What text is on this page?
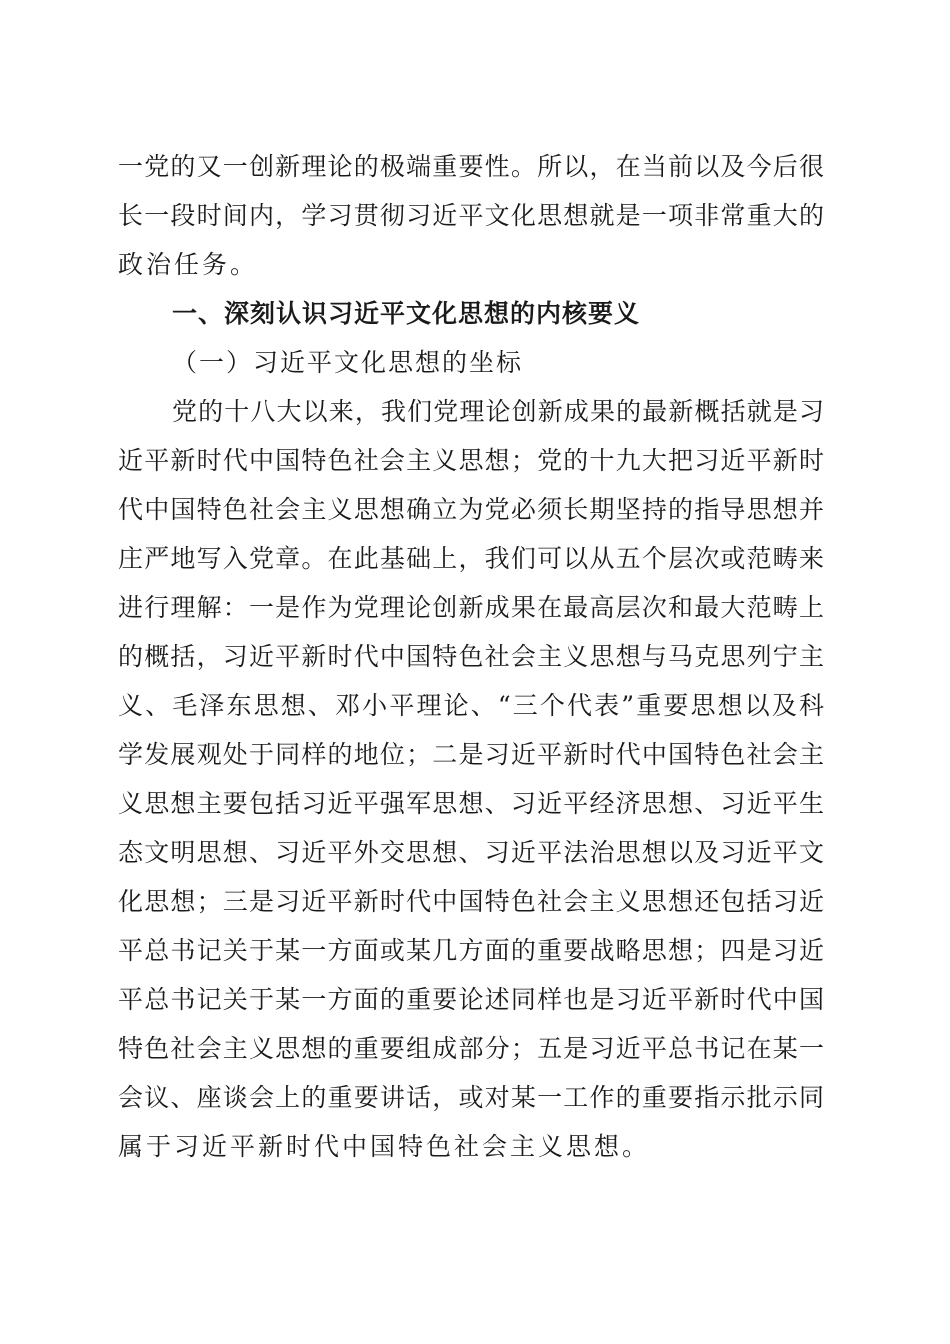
一党的又一创新理论的极端重要性。所以，在当前以及今后很
长一段时间内，学习贯彻习近平文化思想就是一项非常重大的
政治任务。
一、深刻认识习近平文化思想的内核要义
（一）习近平文化思想的坐标
党的十八大以来，我们党理论创新成果的最新概括就是习
近平新时代中国特色社会主义思想；党的十九大把习近平新时
代中国特色社会主义思想确立为党必须长期坚持的指导思想并
庄严地写入党章。在此基础上，我们可以从五个层次或范畴来
进行理解：一是作为党理论创新成果在最高层次和最大范畴上
的概括，习近平新时代中国特色社会主义思想与马克思列宁主
义、毛泽东思想、邓小平理论、“三个代表”重要思想以及科
学发展观处于同样的地位；二是习近平新时代中国特色社会主
义思想主要包括习近平强军思想、习近平经济思想、习近平生
态文明思想、习近平外交思想、习近平法治思想以及习近平文
化思想；三是习近平新时代中国特色社会主义思想还包括习近
平总书记关于某一方面或某几方面的重要战略思想；四是习近
平总书记关于某一方面的重要论述同样也是习近平新时代中国
特色社会主义思想的重要组成部分；五是习近平总书记在某一
会议、座谈会上的重要讲话，或对某一工作的重要指示批示同
属于习近平新时代中国特色社会主义思想。
